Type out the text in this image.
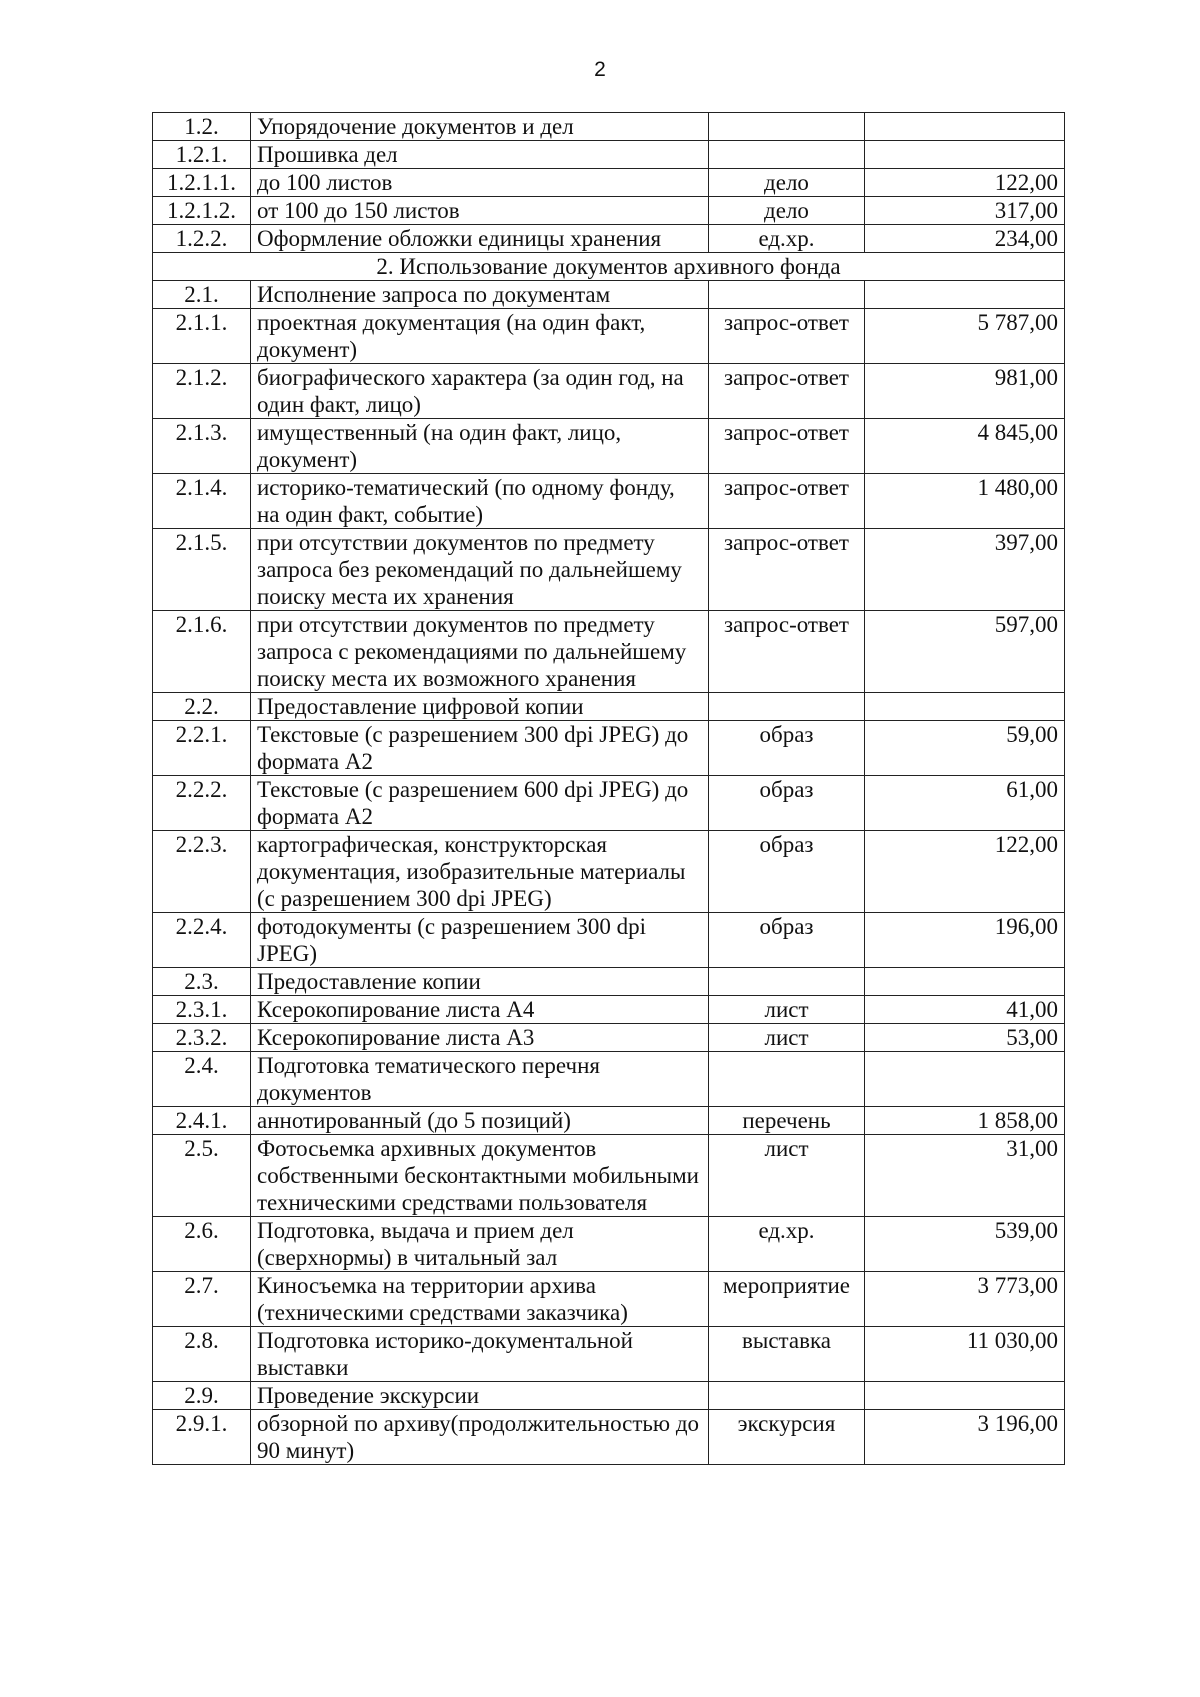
2
1.2.	Упорядочение документов и дел		
1.2.1.	Прошивка дел		
1.2.1.1.	до 100 листов	дело	122,00
1.2.1.2.	от 100 до 150 листов	дело	317,00
1.2.2.	Оформление обложки единицы хранения	ед.хр.	234,00
2. Использование документов архивного фонда			
2.1.	Исполнение запроса по документам		
2.1.1.	проектная документация (на один факт, документ)	запрос-ответ	5 787,00
2.1.2.	биографического характера (за один год, на один факт, лицо)	запрос-ответ	981,00
2.1.3.	имущественный (на один факт, лицо, документ)	запрос-ответ	4 845,00
2.1.4.	историко-тематический (по одному фонду, на один факт, событие)	запрос-ответ	1 480,00
2.1.5.	при отсутствии документов по предмету запроса без рекомендаций по дальнейшему поиску места их хранения	запрос-ответ	397,00
2.1.6.	при отсутствии документов по предмету запроса с рекомендациями по дальнейшему поиску места их возможного хранения	запрос-ответ	597,00
2.2.	Предоставление цифровой копии		
2.2.1.	Текстовые (с разрешением 300 dpi JPEG) до формата А2	образ	59,00
2.2.2.	Текстовые (с разрешением 600 dpi JPEG) до формата А2	образ	61,00
2.2.3.	картографическая, конструкторская документация, изобразительные материалы (с разрешением 300 dpi JPEG)	образ	122,00
2.2.4.	фотодокументы (с разрешением 300 dpi JPEG)	образ	196,00
2.3.	Предоставление копии		
2.3.1.	Ксерокопирование листа А4	лист	41,00
2.3.2.	Ксерокопирование листа А3	лист	53,00
2.4.	Подготовка тематического перечня документов		
2.4.1.	аннотированный (до 5 позиций)	перечень	1 858,00
2.5.	Фотосьемка архивных документов собственными бесконтактными мобильными техническими средствами пользователя	лист	31,00
2.6.	Подготовка, выдача и прием дел (сверхнормы) в читальный зал	ед.хр.	539,00
2.7.	Киносъемка на территории архива (техническими средствами заказчика)	мероприятие	3 773,00
2.8.	Подготовка историко-документальной выставки	выставка	11 030,00
2.9.	Проведение экскурсии		
2.9.1.	обзорной по архиву(продолжительностью до 90 минут)	экскурсия	3 196,00
